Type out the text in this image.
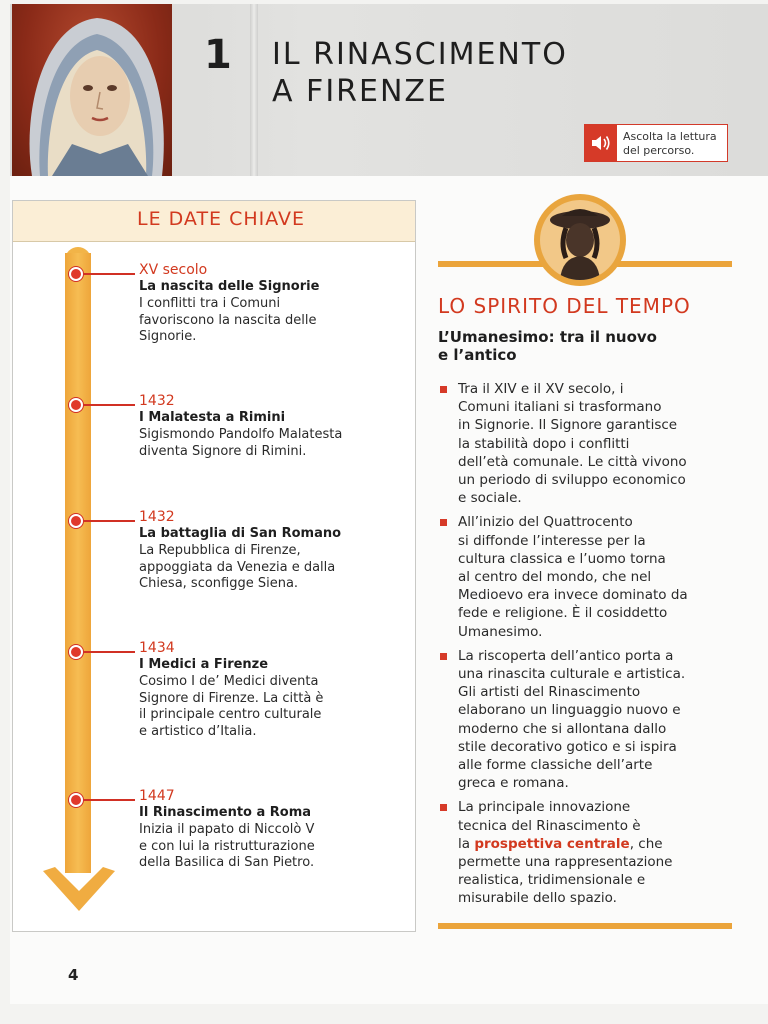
1 IL RINASCIMENTO
A FIRENZE
Ascolta la lettura
del percorso.
LE DATE CHIAVE
XV secolo
La nascita delle Signorie
I conflitti tra i Comuni
favoriscono la nascita delle
Signorie.
1432
I Malatesta a Rimini
Sigismondo Pandolfo Malatesta
diventa Signore di Rimini.
1432
La battaglia di San Romano
La Repubblica di Firenze,
appoggiata da Venezia e dalla
Chiesa, sconfigge Siena.
1434
I Medici a Firenze
Cosimo I de’ Medici diventa
Signore di Firenze. La città è
il principale centro culturale
e artistico d’Italia.
1447
Il Rinascimento a Roma
Inizia il papato di Niccolò V
e con lui la ristrutturazione
della Basilica di San Pietro.
LO SPIRITO DEL TEMPO
L’Umanesimo: tra il nuovo
e l’antico
Tra il XIV e il XV secolo, i
Comuni italiani si trasformano
in Signorie. Il Signore garantisce
la stabilità dopo i conflitti
dell’età comunale. Le città vivono
un periodo di sviluppo economico
e sociale.
All’inizio del Quattrocento
si diffonde l’interesse per la
cultura classica e l’uomo torna
al centro del mondo, che nel
Medioevo era invece dominato da
fede e religione. È il cosiddetto
Umanesimo.
La riscoperta dell’antico porta a
una rinascita culturale e artistica.
Gli artisti del Rinascimento
elaborano un linguaggio nuovo e
moderno che si allontana dallo
stile decorativo gotico e si ispira
alle forme classiche dell’arte
greca e romana.
La principale innovazione
tecnica del Rinascimento è
la prospettiva centrale, che
permette una rappresentazione
realistica, tridimensionale e
misurabile dello spazio.
4
